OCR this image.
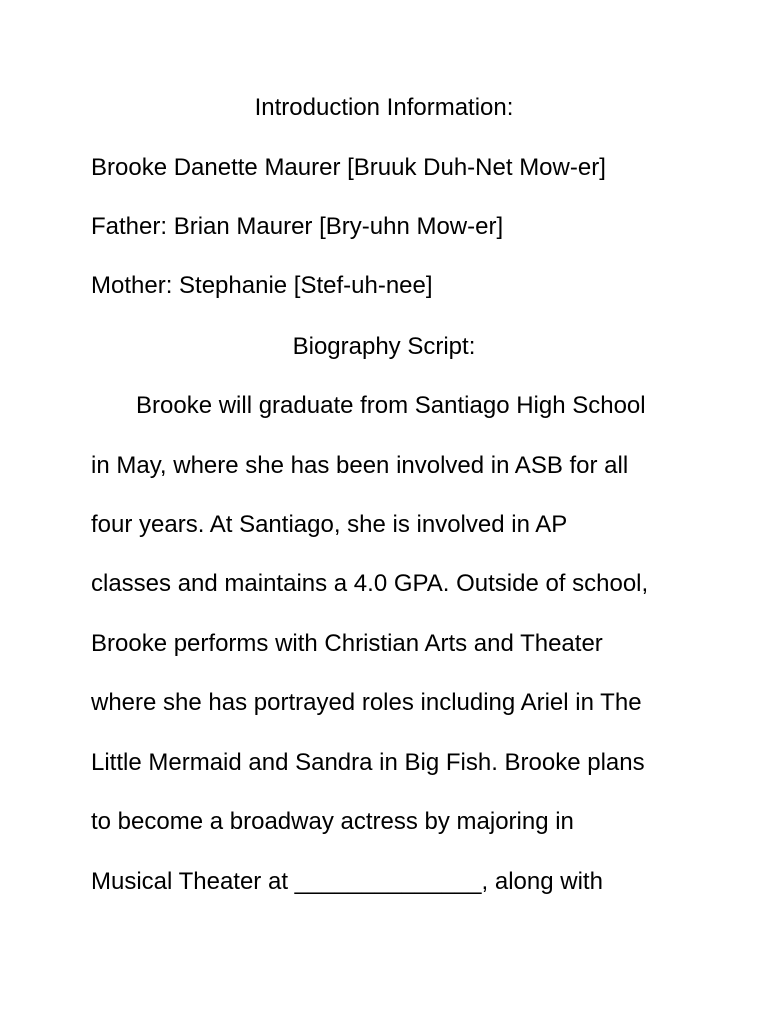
Introduction Information:
Brooke Danette Maurer [Bruuk Duh-Net Mow-er]
Father: Brian Maurer [Bry-uhn Mow-er]
Mother: Stephanie [Stef-uh-nee]
Biography Script:
Brooke will graduate from Santiago High School
in May, where she has been involved in ASB for all
four years. At Santiago, she is involved in AP
classes and maintains a 4.0 GPA. Outside of school,
Brooke performs with Christian Arts and Theater
where she has portrayed roles including Ariel in The
Little Mermaid and Sandra in Big Fish. Brooke plans
to become a broadway actress by majoring in
Musical Theater at ______________, along with
